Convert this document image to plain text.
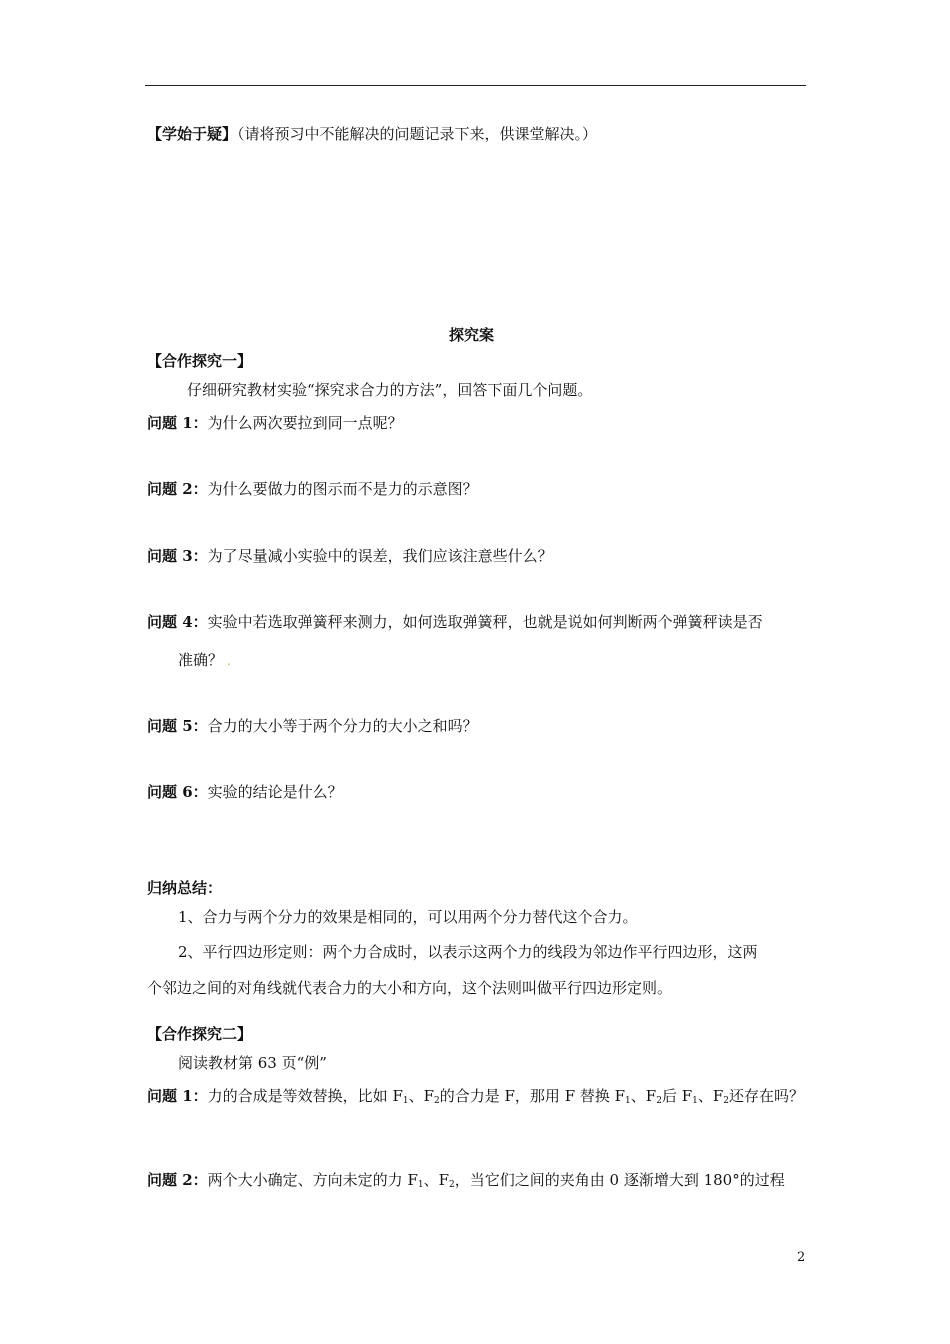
【学始于疑】（请将预习中不能解决的问题记录下来，供课堂解决。）
探究案
【合作探究一】
仔细研究教材实验“探究求合力的方法”，回答下面几个问题。
问题 1：为什么两次要拉到同一点呢？
问题 2：为什么要做力的图示而不是力的示意图？
问题 3：为了尽量减小实验中的误差，我们应该注意些什么？
问题 4：实验中若选取弹簧秤来测力，如何选取弹簧秤，也就是说如何判断两个弹簧秤读是否
准确？ .
问题 5：合力的大小等于两个分力的大小之和吗？
问题 6：实验的结论是什么？
归纳总结：
1、合力与两个分力的效果是相同的，可以用两个分力替代这个合力。
2、平行四边形定则：两个力合成时，以表示这两个力的线段为邻边作平行四边形，这两
个邻边之间的对角线就代表合力的大小和方向，这个法则叫做平行四边形定则。
【合作探究二】
阅读教材第 63 页“例”
问题 1：力的合成是等效替换，比如 $F_1$、$F_2$的合力是 F，那用 F 替换 $F_1$、$F_2$后 $F_1$、$F_2$还存在吗？
问题 2：两个大小确定、方向未定的力 $F_1$、$F_2$，当它们之间的夹角由 0 逐渐增大到 180°的过程
2
